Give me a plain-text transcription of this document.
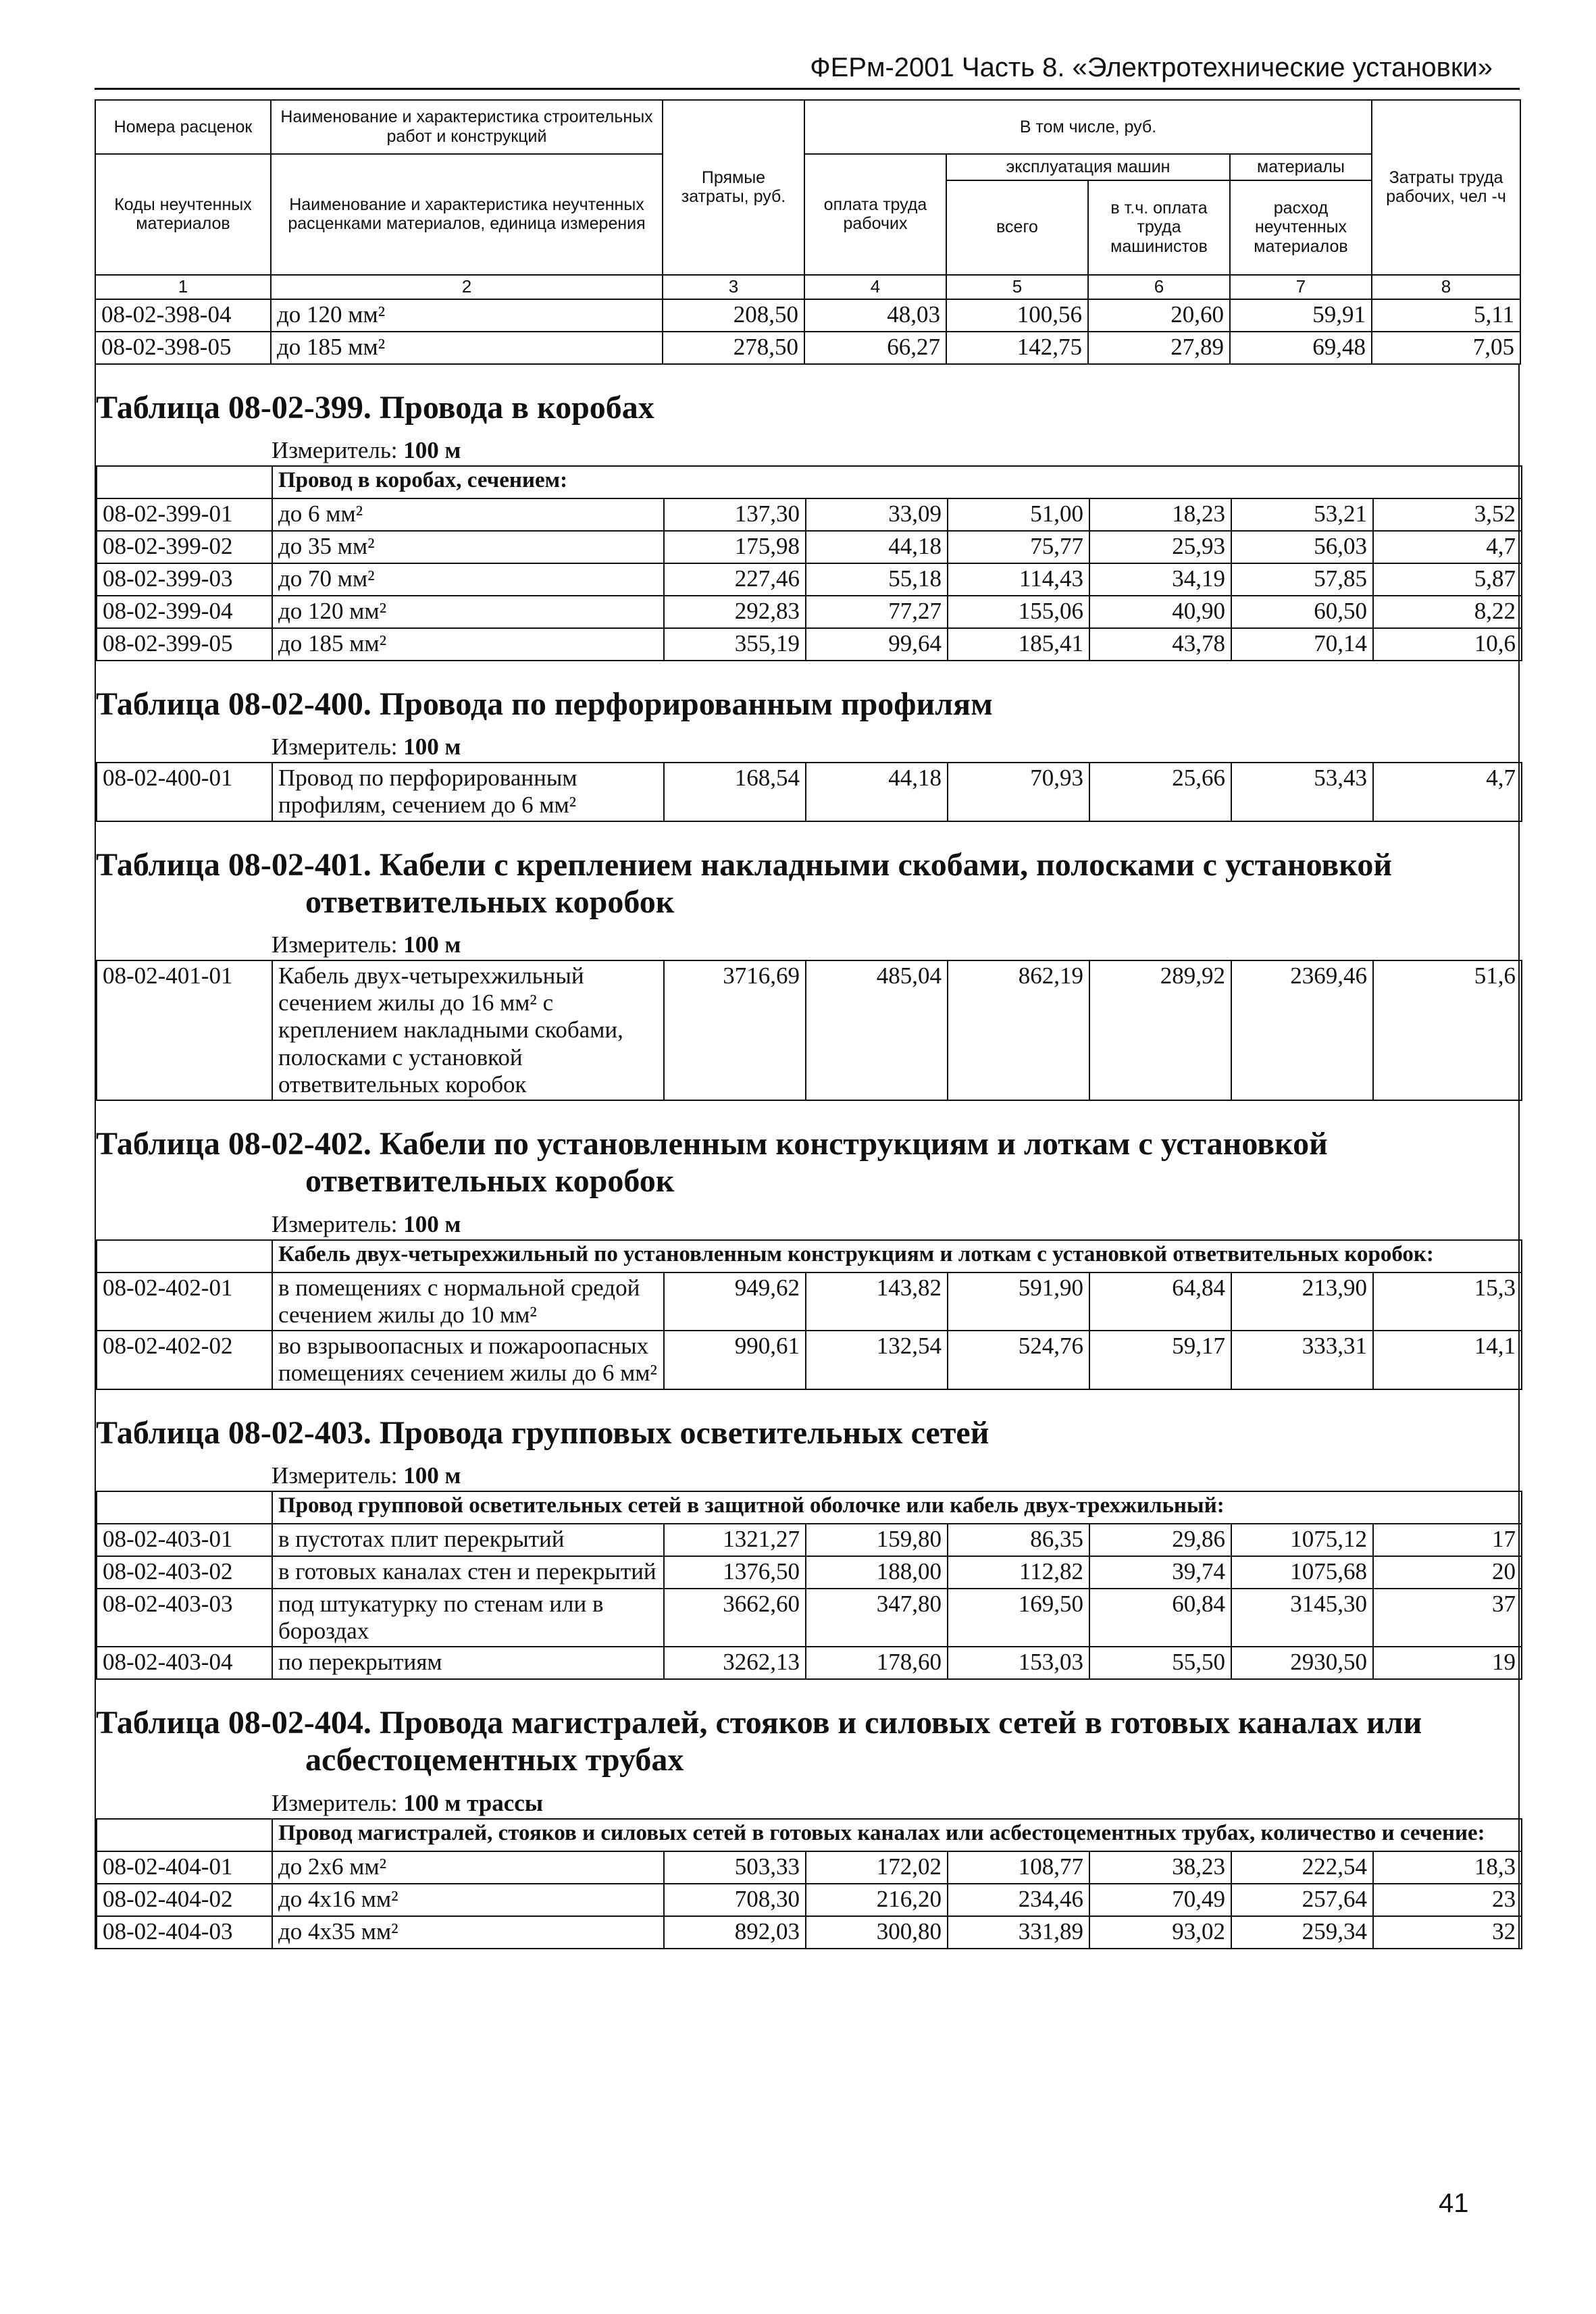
ФЕРм-2001 Часть 8. «Электротехнические установки»
Номера расценок	Наименование и характеристика строительных работ и конструкций	Прямые затраты, руб.	В том числе, руб.				Затраты труда рабочих, чел -ч
Коды неучтенных материалов	Наименование и характеристика неучтенных расценками материалов, единица измерения		оплата труда рабочих	эксплуатация машин		материалы	
				всего	в т.ч. оплата труда машинистов	расход неучтенных материалов	
1	2	3	4	5	6	7	8
08-02-398-04	до 120 мм²	208,50	48,03	100,56	20,60	59,91	5,11
08-02-398-05	до 185 мм²	278,50	66,27	142,75	27,89	69,48	7,05
Таблица 08-02-399. Провода в коробах
Измеритель: 100 м
	Провод в коробах, сечением:						
08-02-399-01	до 6 мм²	137,30	33,09	51,00	18,23	53,21	3,52
08-02-399-02	до 35 мм²	175,98	44,18	75,77	25,93	56,03	4,7
08-02-399-03	до 70 мм²	227,46	55,18	114,43	34,19	57,85	5,87
08-02-399-04	до 120 мм²	292,83	77,27	155,06	40,90	60,50	8,22
08-02-399-05	до 185 мм²	355,19	99,64	185,41	43,78	70,14	10,6
Таблица 08-02-400. Провода по перфорированным профилям
Измеритель: 100 м
08-02-400-01	Провод по перфорированным профилям, сечением до 6 мм²	168,54	44,18	70,93	25,66	53,43	4,7
Таблица 08-02-401. Кабели с креплением накладными скобами, полосками с установкой ответвительных коробок
Измеритель: 100 м
08-02-401-01	Кабель двух-четырехжильный сечением жилы до 16 мм² с креплением накладными скобами, полосками с установкой ответвительных коробок	3716,69	485,04	862,19	289,92	2369,46	51,6
Таблица 08-02-402. Кабели по установленным конструкциям и лоткам с установкой ответвительных коробок
Измеритель: 100 м
	Кабель двух-четырехжильный по установленным конструкциям и лоткам с установкой ответвительных коробок:						
08-02-402-01	в помещениях с нормальной средой сечением жилы до 10 мм²	949,62	143,82	591,90	64,84	213,90	15,3
08-02-402-02	во взрывоопасных и пожароопасных помещениях сечением жилы до 6 мм²	990,61	132,54	524,76	59,17	333,31	14,1
Таблица 08-02-403. Провода групповых осветительных сетей
Измеритель: 100 м
	Провод групповой осветительных сетей в защитной оболочке или кабель двух-трехжильный:						
08-02-403-01	в пустотах плит перекрытий	1321,27	159,80	86,35	29,86	1075,12	17
08-02-403-02	в готовых каналах стен и перекрытий	1376,50	188,00	112,82	39,74	1075,68	20
08-02-403-03	под штукатурку по стенам или в бороздах	3662,60	347,80	169,50	60,84	3145,30	37
08-02-403-04	по перекрытиям	3262,13	178,60	153,03	55,50	2930,50	19
Таблица 08-02-404. Провода магистралей, стояков и силовых сетей в готовых каналах или асбестоцементных трубах
Измеритель: 100 м трассы
	Провод магистралей, стояков и силовых сетей в готовых каналах или асбестоцементных трубах, количество и сечение:						
08-02-404-01	до 2х6 мм²	503,33	172,02	108,77	38,23	222,54	18,3
08-02-404-02	до 4х16 мм²	708,30	216,20	234,46	70,49	257,64	23
08-02-404-03	до 4х35 мм²	892,03	300,80	331,89	93,02	259,34	32
41
